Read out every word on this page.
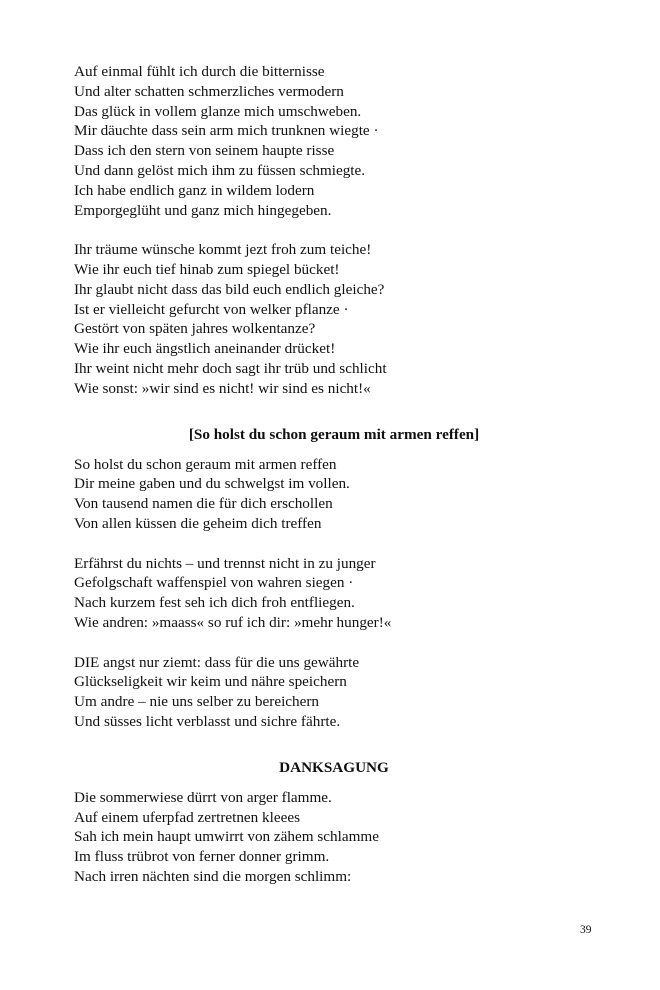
Auf einmal fühlt ich durch die bitternisse
Und alter schatten schmerzliches vermodern
Das glück in vollem glanze mich umschweben.
Mir däuchte dass sein arm mich trunknen wiegte ·
Dass ich den stern von seinem haupte risse
Und dann gelöst mich ihm zu füssen schmiegte.
Ich habe endlich ganz in wildem lodern
Emporgeglüht und ganz mich hingegeben.
Ihr träume wünsche kommt jezt froh zum teiche!
Wie ihr euch tief hinab zum spiegel bücket!
Ihr glaubt nicht dass das bild euch endlich gleiche?
Ist er vielleicht gefurcht von welker pflanze ·
Gestört von späten jahres wolkentanze?
Wie ihr euch ängstlich aneinander drücket!
Ihr weint nicht mehr doch sagt ihr trüb und schlicht
Wie sonst: »wir sind es nicht! wir sind es nicht!«
[So holst du schon geraum mit armen reffen]
So holst du schon geraum mit armen reffen
Dir meine gaben und du schwelgst im vollen.
Von tausend namen die für dich erschollen
Von allen küssen die geheim dich treffen
Erfährst du nichts – und trennst nicht in zu junger
Gefolgschaft waffenspiel von wahren siegen ·
Nach kurzem fest seh ich dich froh entfliegen.
Wie andren: »maass« so ruf ich dir: »mehr hunger!«
DIE angst nur ziemt: dass für die uns gewährte
Glückseligkeit wir keim und nähre speichern
Um andre – nie uns selber zu bereichern
Und süsses licht verblasst und sichre fährte.
DANKSAGUNG
Die sommerwiese dürrt von arger flamme.
Auf einem uferpfad zertretnen kleees
Sah ich mein haupt umwirrt von zähem schlamme
Im fluss trübrot von ferner donner grimm.
Nach irren nächten sind die morgen schlimm:
39
